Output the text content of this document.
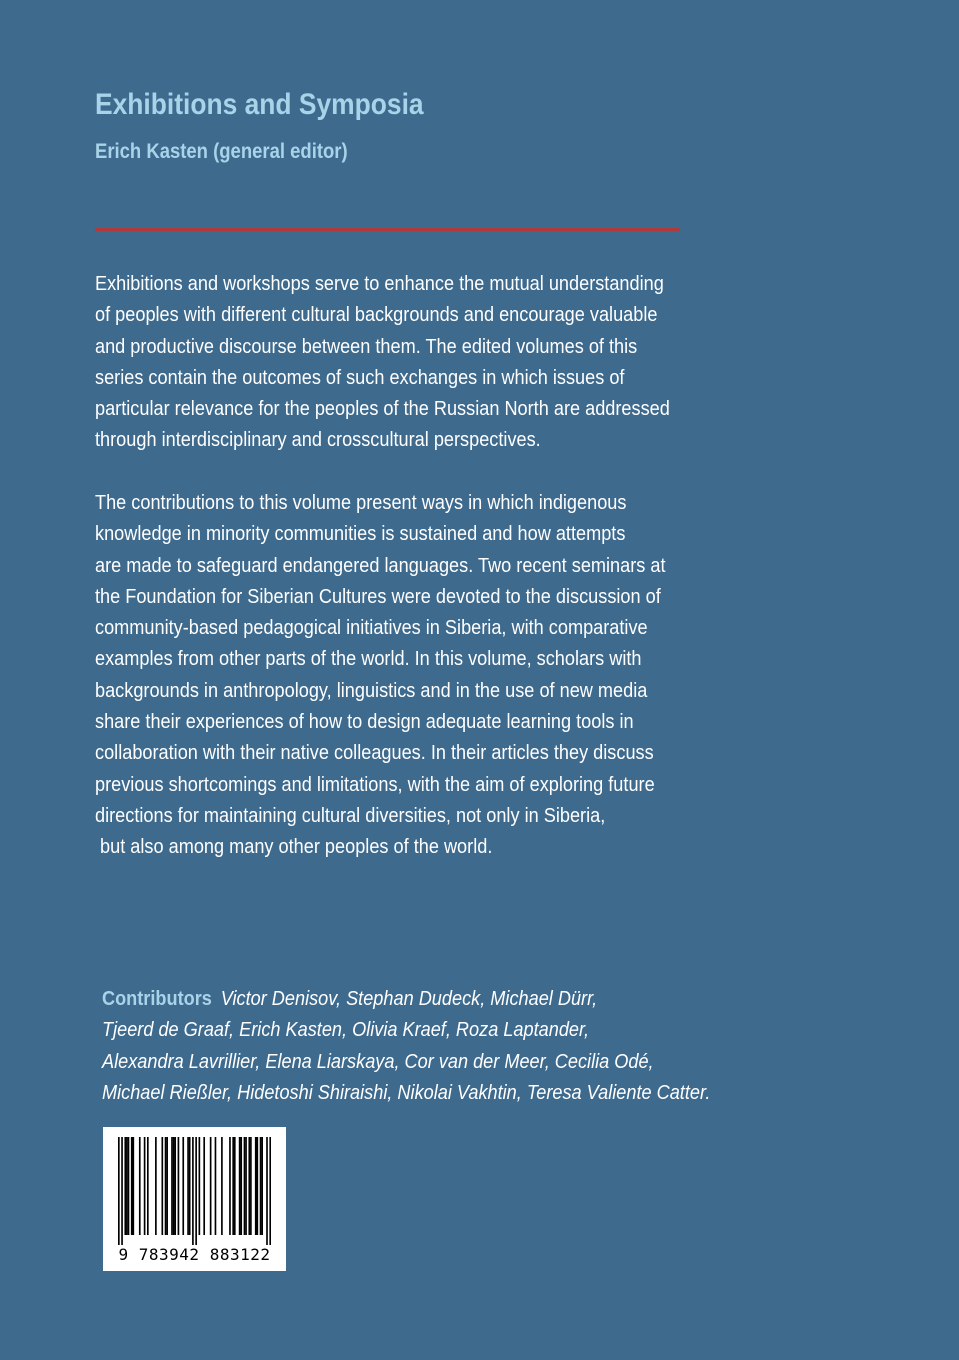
Exhibitions and Symposia
Erich Kasten (general editor)
Exhibitions and workshops serve to enhance the mutual understanding
of peoples with different cultural backgrounds and encourage valuable
and productive discourse between them. The edited volumes of this
series contain the outcomes of such exchanges in which issues of
particular relevance for the peoples of the Russian North are addressed
through interdisciplinary and crosscultural perspectives.
The contributions to this volume present ways in which indigenous
knowledge in minority communities is sustained and how attempts
are made to safeguard endangered languages. Two recent seminars at
the Foundation for Siberian Cultures were devoted to the discussion of
community-based pedagogical initiatives in Siberia, with comparative
examples from other parts of the world. In this volume, scholars with
backgrounds in anthropology, linguistics and in the use of new media
share their experiences of how to design adequate learning tools in
collaboration with their native colleagues. In their articles they discuss
previous shortcomings and limitations, with the aim of exploring future
directions for maintaining cultural diversities, not only in Siberia,
but also among many other peoples of the world.
Contributors Victor Denisov, Stephan Dudeck, Michael Dürr,
Tjeerd de Graaf, Erich Kasten, Olivia Kraef, Roza Laptander,
Alexandra Lavrillier, Elena Liarskaya, Cor van der Meer, Cecilia Odé,
Michael Rießler, Hidetoshi Shiraishi, Nikolai Vakhtin, Teresa Valiente Catter.
9 783942 883122
